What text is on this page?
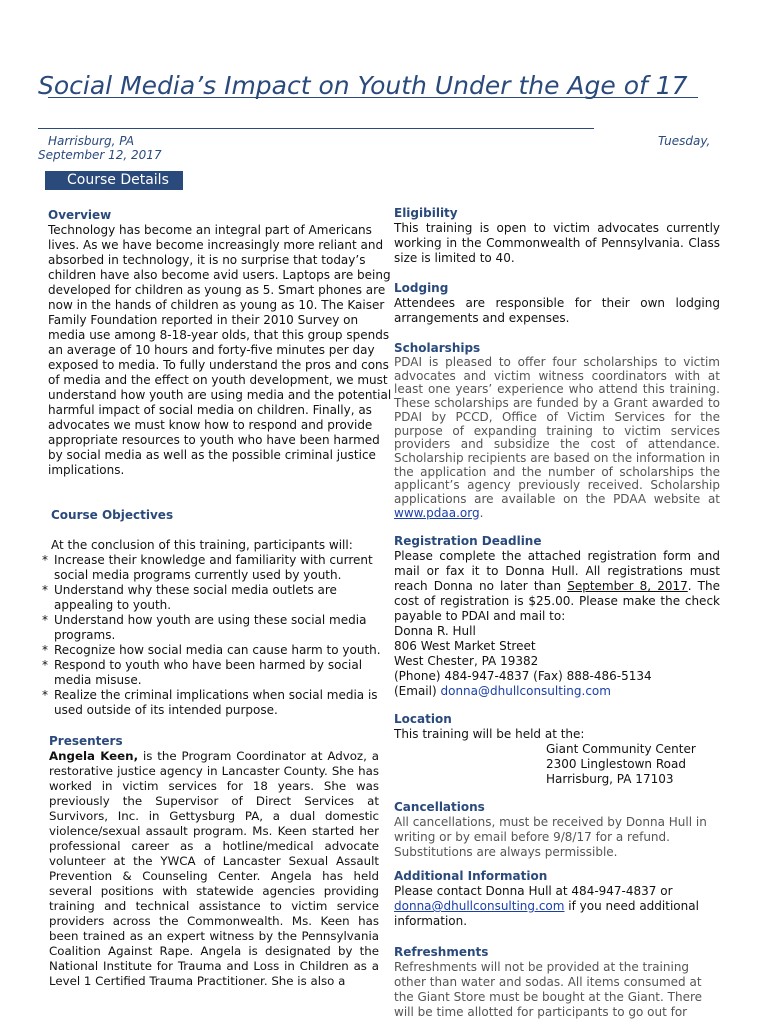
Social Media’s Impact on Youth Under the Age of 17
Harrisburg, PA	Tuesday,
September 12, 2017
Course Details
Overview

Technology has become an integral part of Americans lives. As we have become increasingly more reliant and absorbed in technology, it is no surprise that today’s children have also become avid users. Laptops are being developed for children as young as 5. Smart phones are now in the hands of children as young as 10. The Kaiser Family Foundation reported in their 2010 Survey on media use among 8-18-year olds, that this group spends an average of 10 hours and forty-five minutes per day exposed to media. To fully understand the pros and cons of media and the effect on youth development, we must understand how youth are using media and the potential harmful impact of social media on children. Finally, as advocates we must know how to respond and provide appropriate resources to youth who have been harmed by social media as well as the possible criminal justice implications.

Course Objectives

At the conclusion of this training, participants will:

* Increase their knowledge and familiarity with current social media programs currently used by youth.
* Understand why these social media outlets are appealing to youth.
* Understand how youth are using these social media programs.
* Recognize how social media can cause harm to youth.
* Respond to youth who have been harmed by social media misuse.
* Realize the criminal implications when social media is used outside of its intended purpose.
Presenters

Angela Keen, is the Program Coordinator at Advoz, a restorative justice agency in Lancaster County. She has worked in victim services for 18 years. She was previously the Supervisor of Direct Services at Survivors, Inc. in Gettysburg PA, a dual domestic violence/sexual assault program. Ms. Keen started her professional career as a hotline/medical advocate volunteer at the YWCA of Lancaster Sexual Assault Prevention & Counseling Center. Angela has held several positions with statewide agencies providing training and technical assistance to victim service providers across the Commonwealth. Ms. Keen has been trained as an expert witness by the Pennsylvania Coalition Against Rape. Angela is designated by the National Institute for Trauma and Loss in Children as a Level 1 Certified Trauma Practitioner. She is also a

Eligibility

This training is open to victim advocates currently working in the Commonwealth of Pennsylvania. Class size is limited to 40.

Lodging

Attendees are responsible for their own lodging arrangements and expenses.

Scholarships

PDAI is pleased to offer four scholarships to victim advocates and victim witness coordinators with at least one years’ experience who attend this training. These scholarships are funded by a Grant awarded to PDAI by PCCD, Office of Victim Services for the purpose of expanding training to victim services providers and subsidize the cost of attendance. Scholarship recipients are based on the information in the application and the number of scholarships the applicant’s agency previously received. Scholarship applications are available on the PDAA website at www.pdaa.org.

Registration Deadline

Please complete the attached registration form and mail or fax it to Donna Hull. All registrations must reach Donna no later than September 8, 2017. The cost of registration is $25.00. Please make the check payable to PDAI and mail to:

Donna R. Hull
806 West Market Street
West Chester, PA 19382
(Phone) 484-947-4837 (Fax) 888-486-5134
(Email) donna@dhullconsulting.com
Location
This training will be held at the:
Giant Community Center
2300 Linglestown Road
Harrisburg, PA 17103
Cancellations

All cancellations, must be received by Donna Hull in writing or by email before 9/8/17 for a refund. Substitutions are always permissible.

Additional Information

Please contact Donna Hull at 484-947-4837 or donna@dhullconsulting.com if you need additional information.

Refreshments

Refreshments will not be provided at the training other than water and sodas. All items consumed at the Giant Store must be bought at the Giant. There will be time allotted for participants to go out for
